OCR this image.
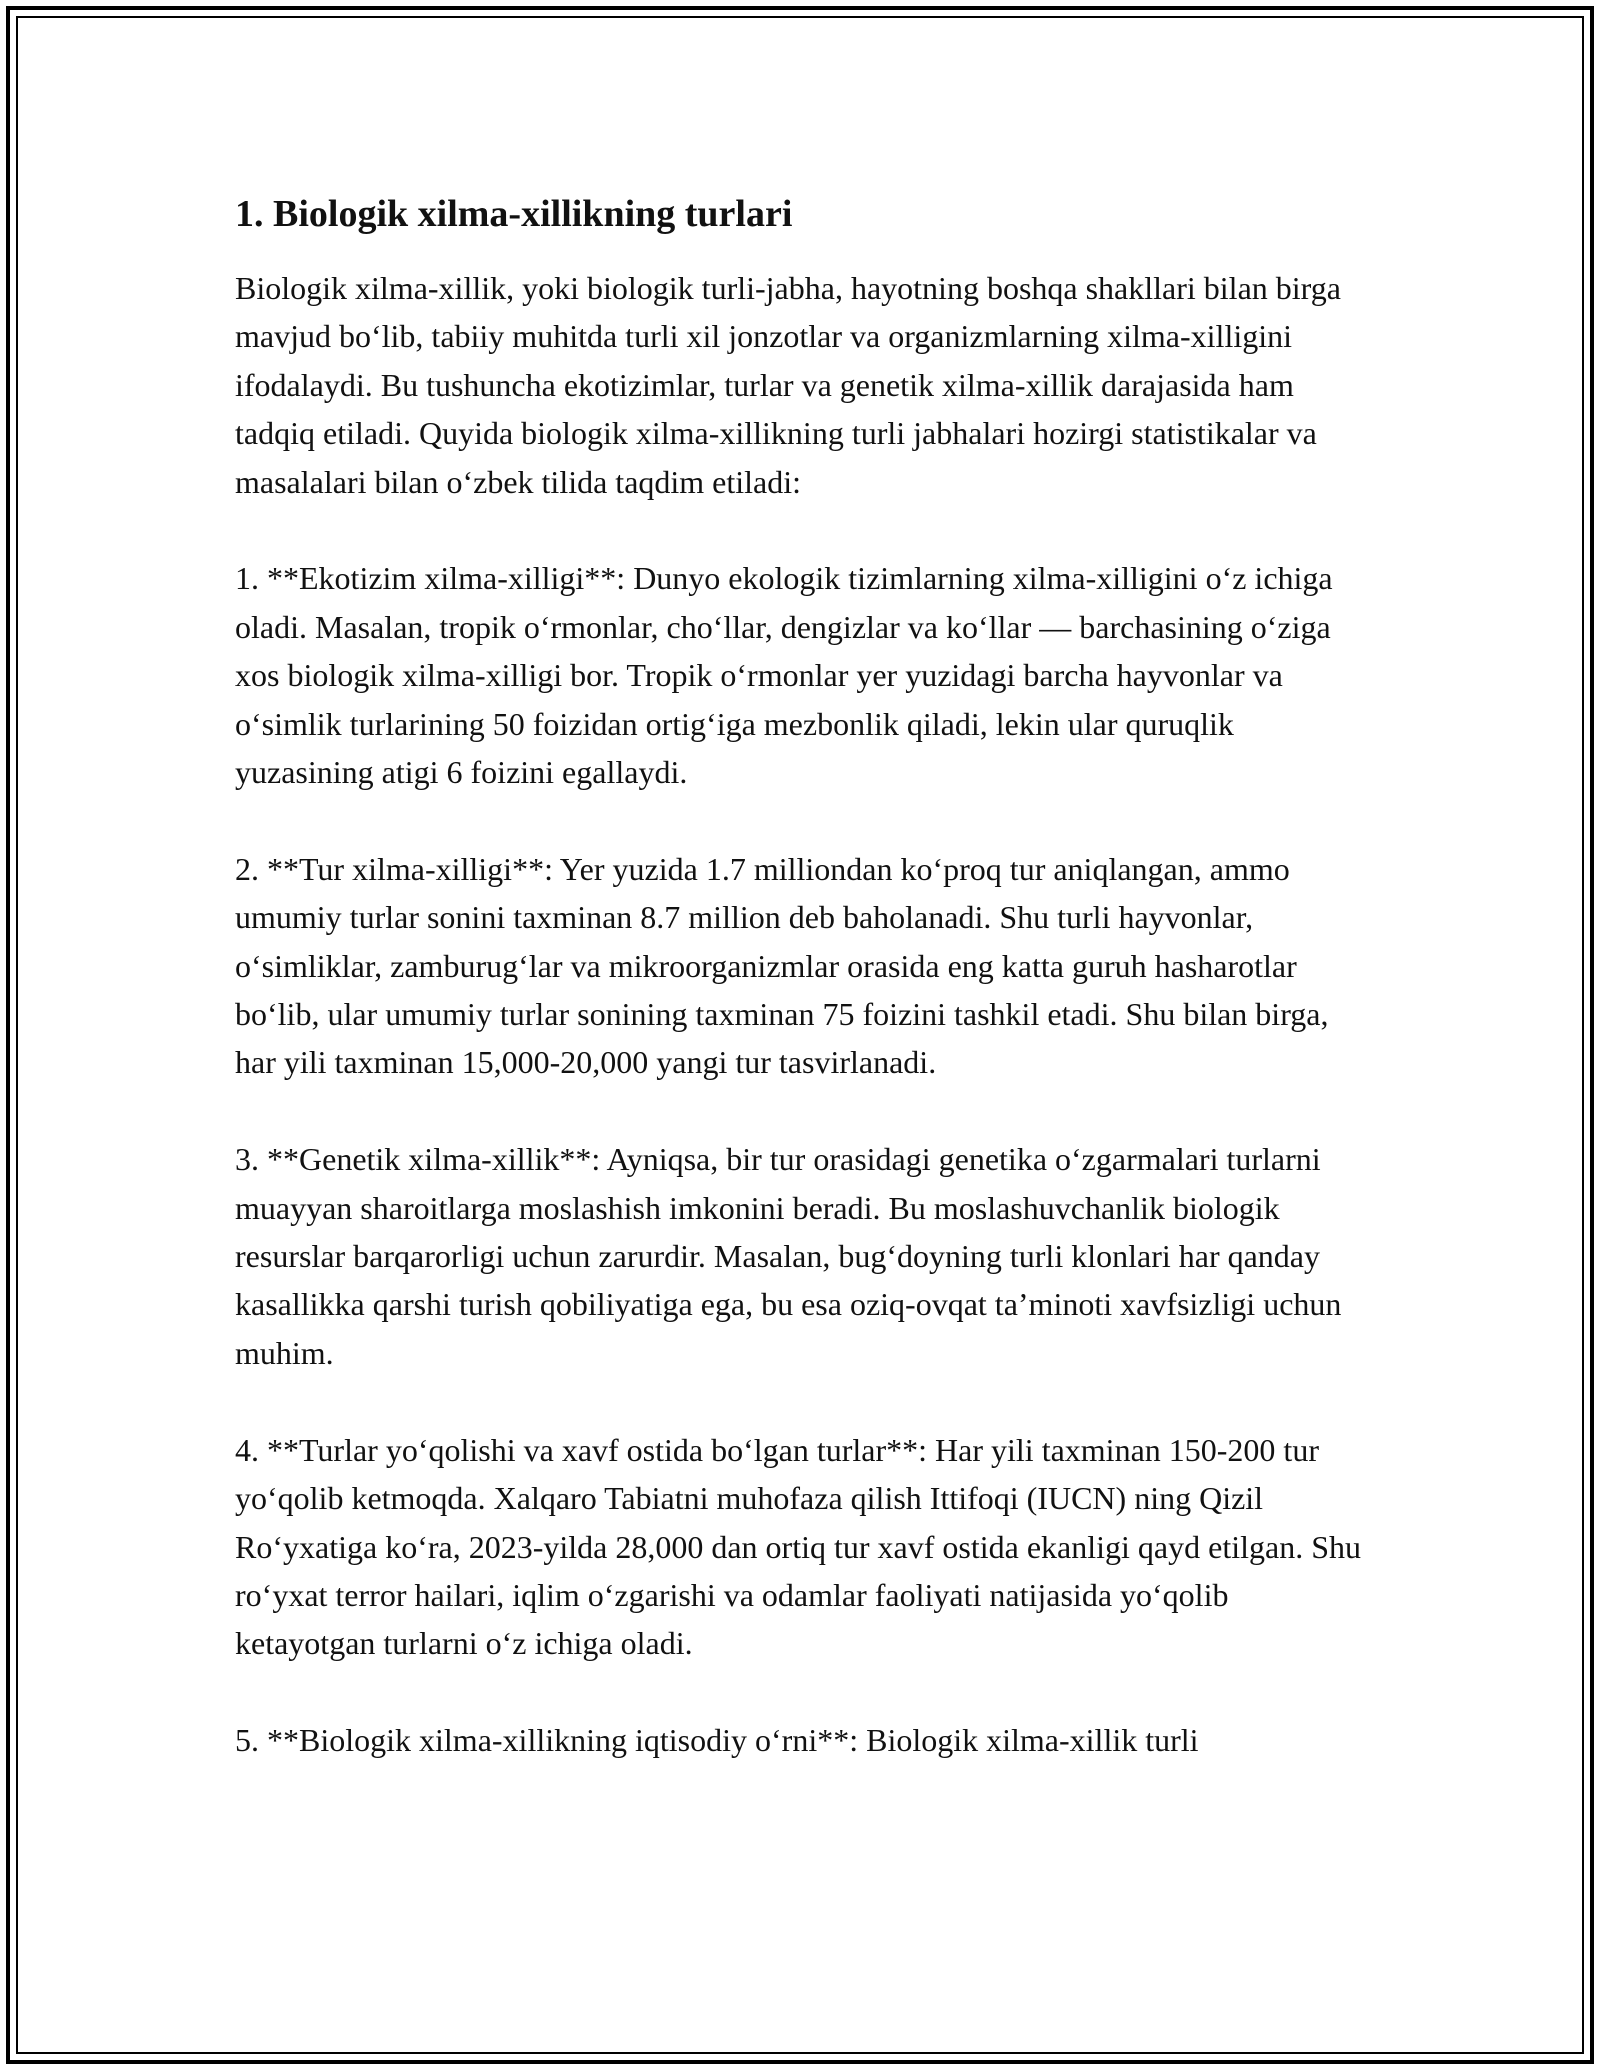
1. Biologik xilma-xillikning turlari

Biologik xilma-xillik, yoki biologik turli-jabha, hayotning boshqa shakllari bilan birga mavjud bo‘lib, tabiiy muhitda turli xil jonzotlar va organizmlarning xilma-xilligini ifodalaydi. Bu tushuncha ekotizimlar, turlar va genetik xilma-xillik darajasida ham tadqiq etiladi. Quyida biologik xilma-xillikning turli jabhalari hozirgi statistikalar va masalalari bilan o‘zbek tilida taqdim etiladi:

1. **Ekotizim xilma-xilligi**: Dunyo ekologik tizimlarning xilma-xilligini o‘z ichiga oladi. Masalan, tropik o‘rmonlar, cho‘llar, dengizlar va ko‘llar — barchasining o‘ziga xos biologik xilma-xilligi bor. Tropik o‘rmonlar yer yuzidagi barcha hayvonlar va o‘simlik turlarining 50 foizidan ortig‘iga mezbonlik qiladi, lekin ular quruqlik yuzasining atigi 6 foizini egallaydi.

2. **Tur xilma-xilligi**: Yer yuzida 1.7 milliondan ko‘proq tur aniqlangan, ammo umumiy turlar sonini taxminan 8.7 million deb baholanadi. Shu turli hayvonlar, o‘simliklar, zamburug‘lar va mikroorganizmlar orasida eng katta guruh hasharotlar bo‘lib, ular umumiy turlar sonining taxminan 75 foizini tashkil etadi. Shu bilan birga, har yili taxminan 15,000-20,000 yangi tur tasvirlanadi.

3. **Genetik xilma-xillik**: Ayniqsa, bir tur orasidagi genetika o‘zgarmalari turlarni muayyan sharoitlarga moslashish imkonini beradi. Bu moslashuvchanlik biologik resurslar barqarorligi uchun zarurdir. Masalan, bug‘doyning turli klonlari har qanday kasallikka qarshi turish qobiliyatiga ega, bu esa oziq-ovqat ta’minoti xavfsizligi uchun muhim.

4. **Turlar yo‘qolishi va xavf ostida bo‘lgan turlar**: Har yili taxminan 150-200 tur yo‘qolib ketmoqda. Xalqaro Tabiatni muhofaza qilish Ittifoqi (IUCN) ning Qizil Ro‘yxatiga ko‘ra, 2023-yilda 28,000 dan ortiq tur xavf ostida ekanligi qayd etilgan. Shu ro‘yxat terror hailari, iqlim o‘zgarishi va odamlar faoliyati natijasida yo‘qolib ketayotgan turlarni o‘z ichiga oladi.

5. **Biologik xilma-xillikning iqtisodiy o‘rni**: Biologik xilma-xillik turli
